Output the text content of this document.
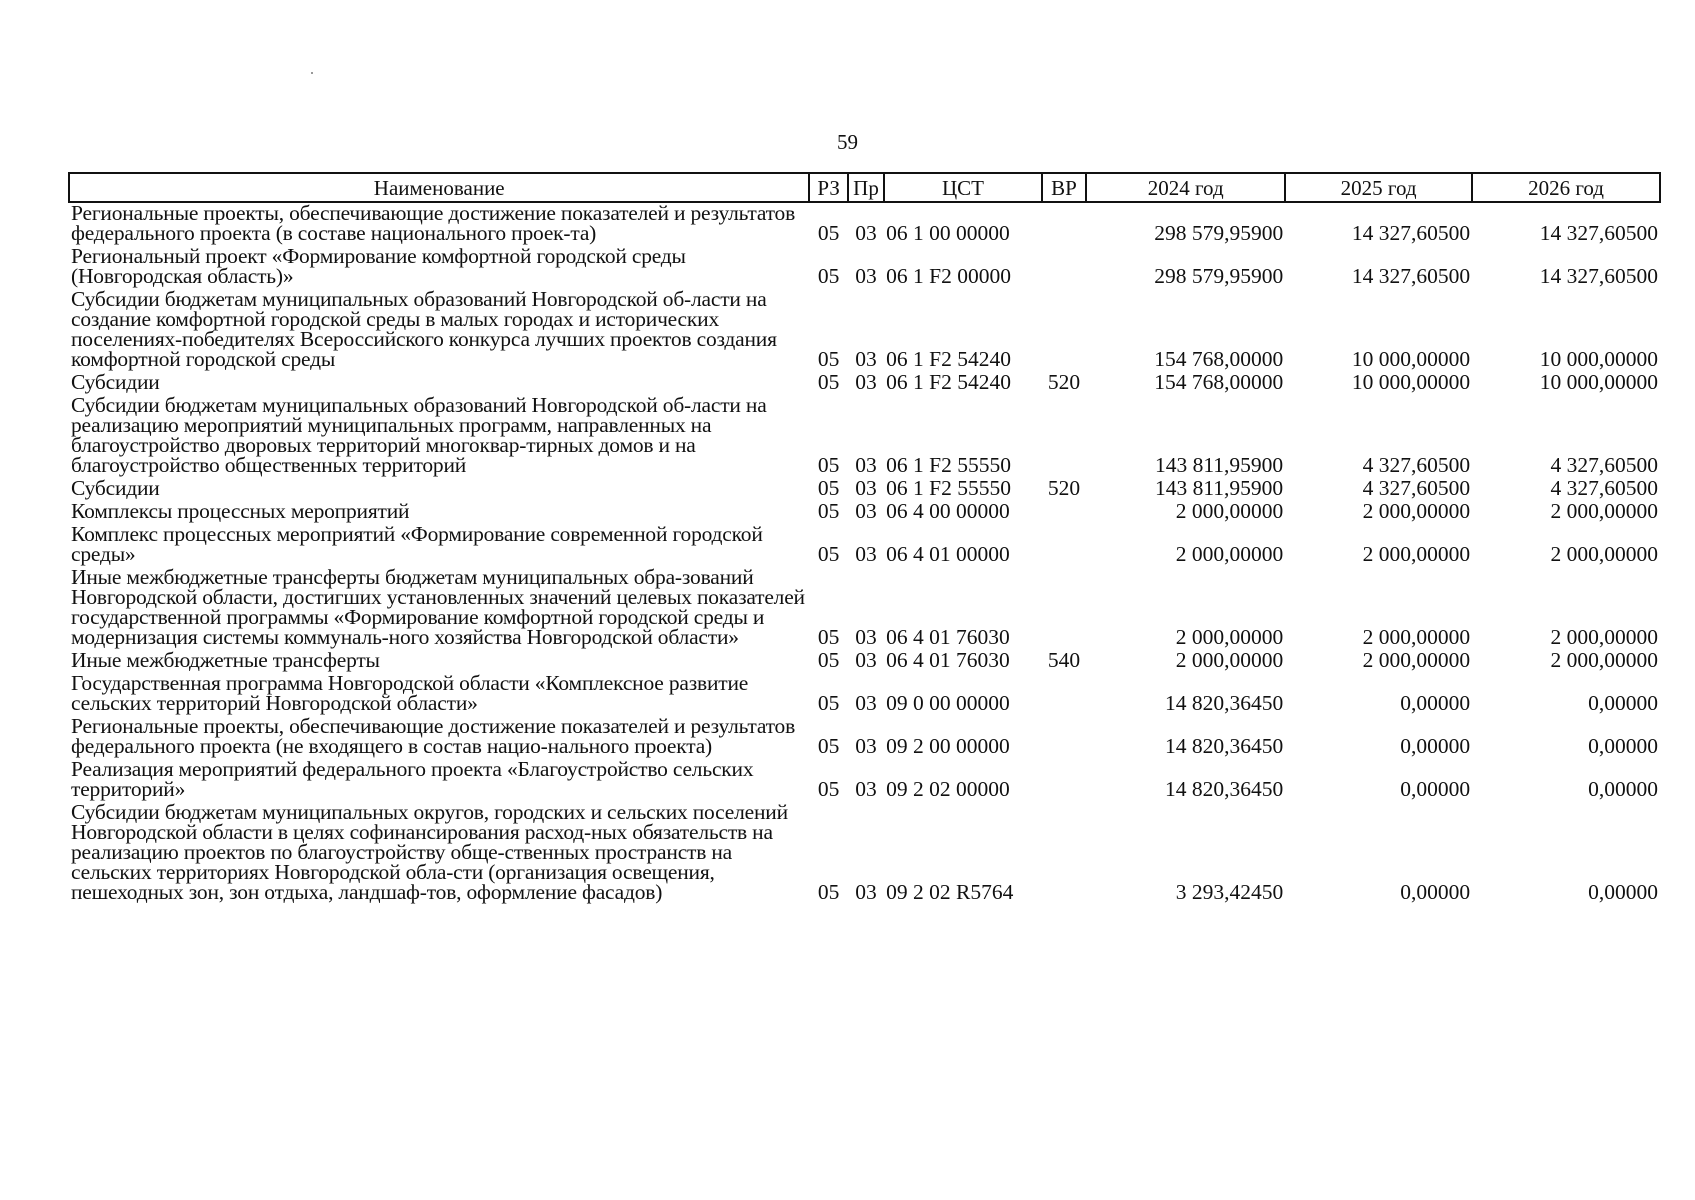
59
Наименование	РЗ	Пр	ЦСТ	ВР	2024 год	2025 год	2026 год
Региональные проекты, обеспечивающие достижение показателей и результатов федерального проекта (в составе национального проек-та)	05	03	06 1 00 00000		298 579,95900	14 327,60500	14 327,60500
Региональный проект «Формирование комфортной городской среды (Новгородская область)»	05	03	06 1 F2 00000		298 579,95900	14 327,60500	14 327,60500
Субсидии бюджетам муниципальных образований Новгородской об-ласти на создание комфортной городской среды в малых городах и исторических поселениях-победителях Всероссийского конкурса лучших проектов создания комфортной городской среды	05	03	06 1 F2 54240		154 768,00000	10 000,00000	10 000,00000
Субсидии	05	03	06 1 F2 54240	520	154 768,00000	10 000,00000	10 000,00000
Субсидии бюджетам муниципальных образований Новгородской об-ласти на реализацию мероприятий муниципальных программ, направленных на благоустройство дворовых территорий многоквар-тирных домов и на благоустройство общественных территорий	05	03	06 1 F2 55550		143 811,95900	4 327,60500	4 327,60500
Субсидии	05	03	06 1 F2 55550	520	143 811,95900	4 327,60500	4 327,60500
Комплексы процессных мероприятий	05	03	06 4 00 00000		2 000,00000	2 000,00000	2 000,00000
Комплекс процессных мероприятий «Формирование современной городской среды»	05	03	06 4 01 00000		2 000,00000	2 000,00000	2 000,00000
Иные межбюджетные трансферты бюджетам муниципальных обра-зований Новгородской области, достигших установленных значений целевых показателей государственной программы «Формирование комфортной городской среды и модернизация системы коммуналь-ного хозяйства Новгородской области»	05	03	06 4 01 76030		2 000,00000	2 000,00000	2 000,00000
Иные межбюджетные трансферты	05	03	06 4 01 76030	540	2 000,00000	2 000,00000	2 000,00000
Государственная программа Новгородской области «Комплексное развитие сельских территорий Новгородской области»	05	03	09 0 00 00000		14 820,36450	0,00000	0,00000
Региональные проекты, обеспечивающие достижение показателей и результатов федерального проекта (не входящего в состав нацио-нального проекта)	05	03	09 2 00 00000		14 820,36450	0,00000	0,00000
Реализация мероприятий федерального проекта «Благоустройство сельских территорий»	05	03	09 2 02 00000		14 820,36450	0,00000	0,00000
Субсидии бюджетам муниципальных округов, городских и сельских поселений Новгородской области в целях софинансирования расход-ных обязательств на реализацию проектов по благоустройству обще-ственных пространств на сельских территориях Новгородской обла-сти (организация освещения, пешеходных зон, зон отдыха, ландшаф-тов, оформление фасадов)	05	03	09 2 02 R5764		3 293,42450	0,00000	0,00000
